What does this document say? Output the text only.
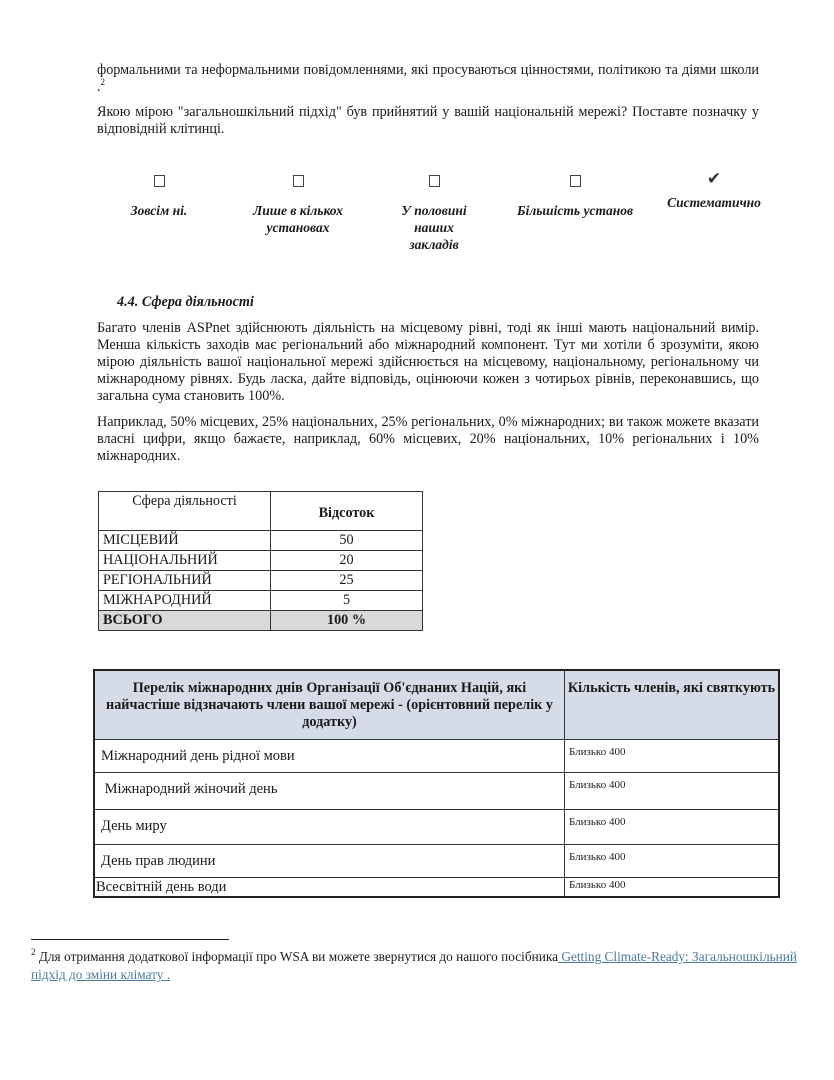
формальними та неформальними повідомленнями, які просуваються цінностями, політикою та діями школи .$^2$

Якою мірою "загальношкільний підхід" був прийнятий у вашій національній мережі? Поставте позначку у відповідній клітинці.

Зовсім ні.	Лише в кількох установах

У половині наших закладів

Більшість установ
✔
Систематично
4.4. Сфера діяльності

Багато членів ASPnet здійснюють діяльність на місцевому рівні, тоді як інші мають національний вимір. Менша кількість заходів має регіональний або міжнародний компонент. Тут ми хотіли б зрозуміти, якою мірою діяльність вашої національної мережі здійснюється на місцевому, національному, регіональному чи міжнародному рівнях. Будь ласка, дайте відповідь, оцінюючи кожен з чотирьох рівнів, переконавшись, що загальна сума становить 100%.

Наприклад, 50% місцевих, 25% національних, 25% регіональних, 0% міжнародних; ви також можете вказати власні цифри, якщо бажаєте, наприклад, 60% місцевих, 20% національних, 10% регіональних і 10% міжнародних.

Сфера діяльності	Відсоток
МІСЦЕВИЙ	50
НАЦІОНАЛЬНИЙ	20
РЕГІОНАЛЬНИЙ	25
МІЖНАРОДНИЙ	5
ВСЬОГО	100 %
Перелік міжнародних днів Організації Об'єднаних Націй, які найчастіше відзначають члени вашої мережі - (орієнтовний перелік у додатку)	Кількість членів, які святкують
Міжнародний день рідної мови	Близько 400
Міжнародний жіночий день	Близько 400
День миру	Близько 400
День прав людини	Близько 400
Всесвітній день води	Близько 400
$^2$ Для отримання додаткової інформації про WSA ви можете звернутися до нашого посібника Getting Climate-Ready: Загальношкільний підхід до зміни клімату .
